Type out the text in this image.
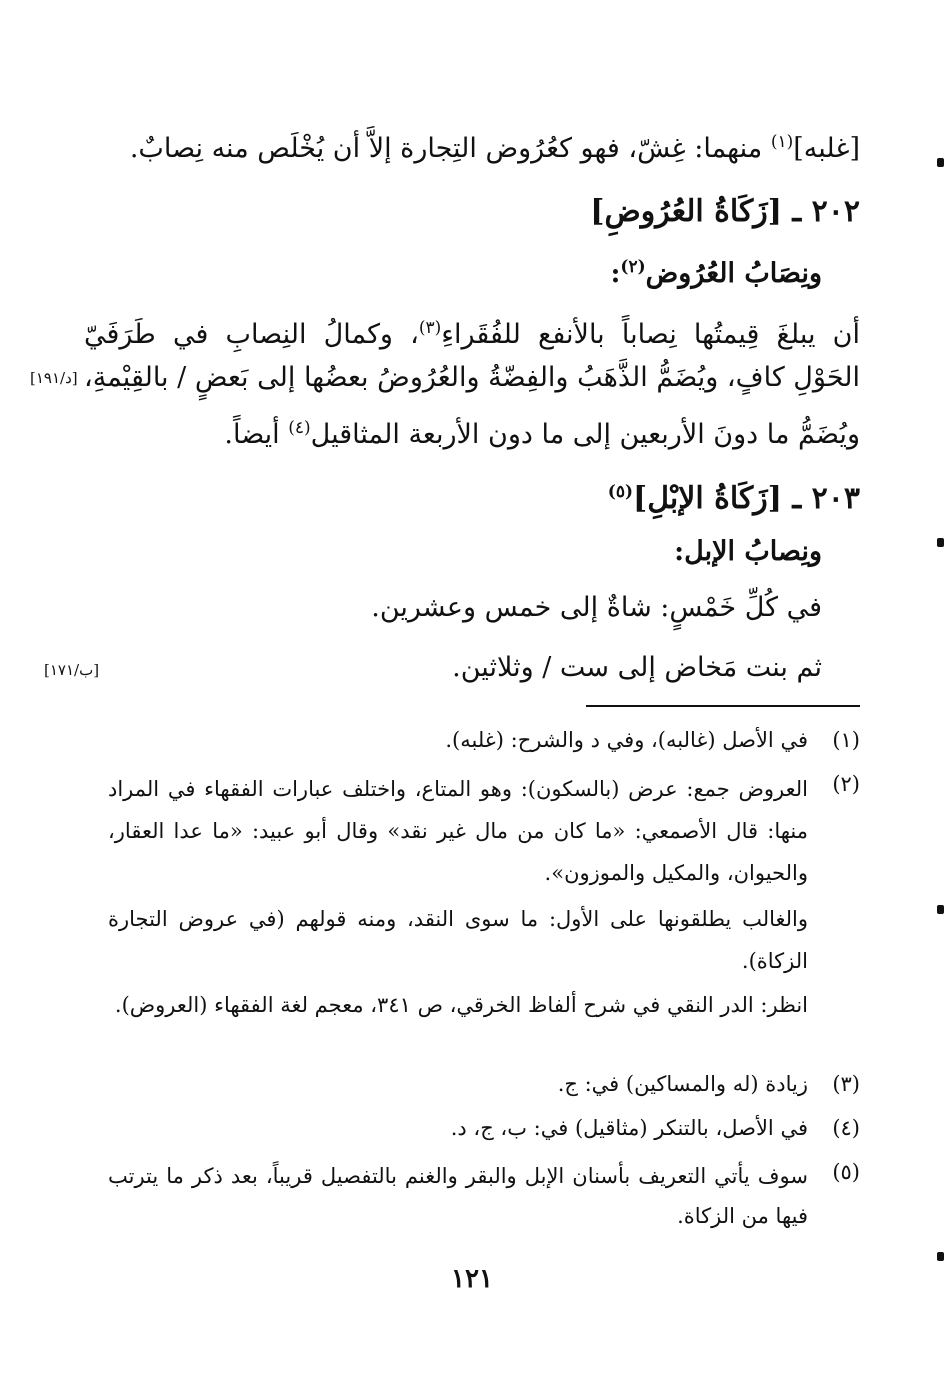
[غلبه]$^{(١)}$ منهما: غِشّ، فهو كعُرُوض التِجارة إلاَّ أن يُخْلَص منه نِصابٌ.
٢٠٢ ـ [زَكَاةُ العُرُوضِ]
ونِصَابُ العُرُوض$^{(٢)}$:
أن يبلغَ قِيمتُها نِصاباً بالأنفع للفُقَراءِ$^{(٣)}$، وكمالُ النِصابِ في طَرَفَيّ
الحَوْلِ كافٍ، ويُضَمُّ الذَّهَبُ والفِضّةُ والعُرُوضُ بعضُها إلى بَعضٍ / بالقِيْمةِ،
ويُضَمُّ ما دونَ الأربعين إلى ما دون الأربعة المثاقيل$^{(٤)}$ أيضاً.
[د/١٩١]
٢٠٣ ـ [زَكَاةُ الإبْلِ]$^{(٥)}$
ونِصابُ الإبل:
في كُلِّ خَمْسٍ: شاةٌ إلى خمس وعشرين.
ثم بنت مَخاض إلى ست / وثلاثين.
[ب/١٧١]
(١)
في الأصل (غالبه)، وفي د والشرح: (غلبه).
(٢)
العروض جمع: عرض (بالسكون): وهو المتاع، واختلف عبارات الفقهاء في المراد منها: قال الأصمعي: «ما كان من مال غير نقد» وقال أبو عبيد: «ما عدا العقار، والحيوان، والمكيل والموزون».
والغالب يطلقونها على الأول: ما سوى النقد، ومنه قولهم (في عروض التجارة الزكاة).
انظر: الدر النقي في شرح ألفاظ الخرقي، ص ٣٤١، معجم لغة الفقهاء (العروض).
(٣)
زيادة (له والمساكين) في: ج.
(٤)
في الأصل، بالتنكر (مثاقيل) في: ب، ج، د.
(٥)
سوف يأتي التعريف بأسنان الإبل والبقر والغنم بالتفصيل قريباً، بعد ذكر ما يترتب فيها من الزكاة.
١٢١
